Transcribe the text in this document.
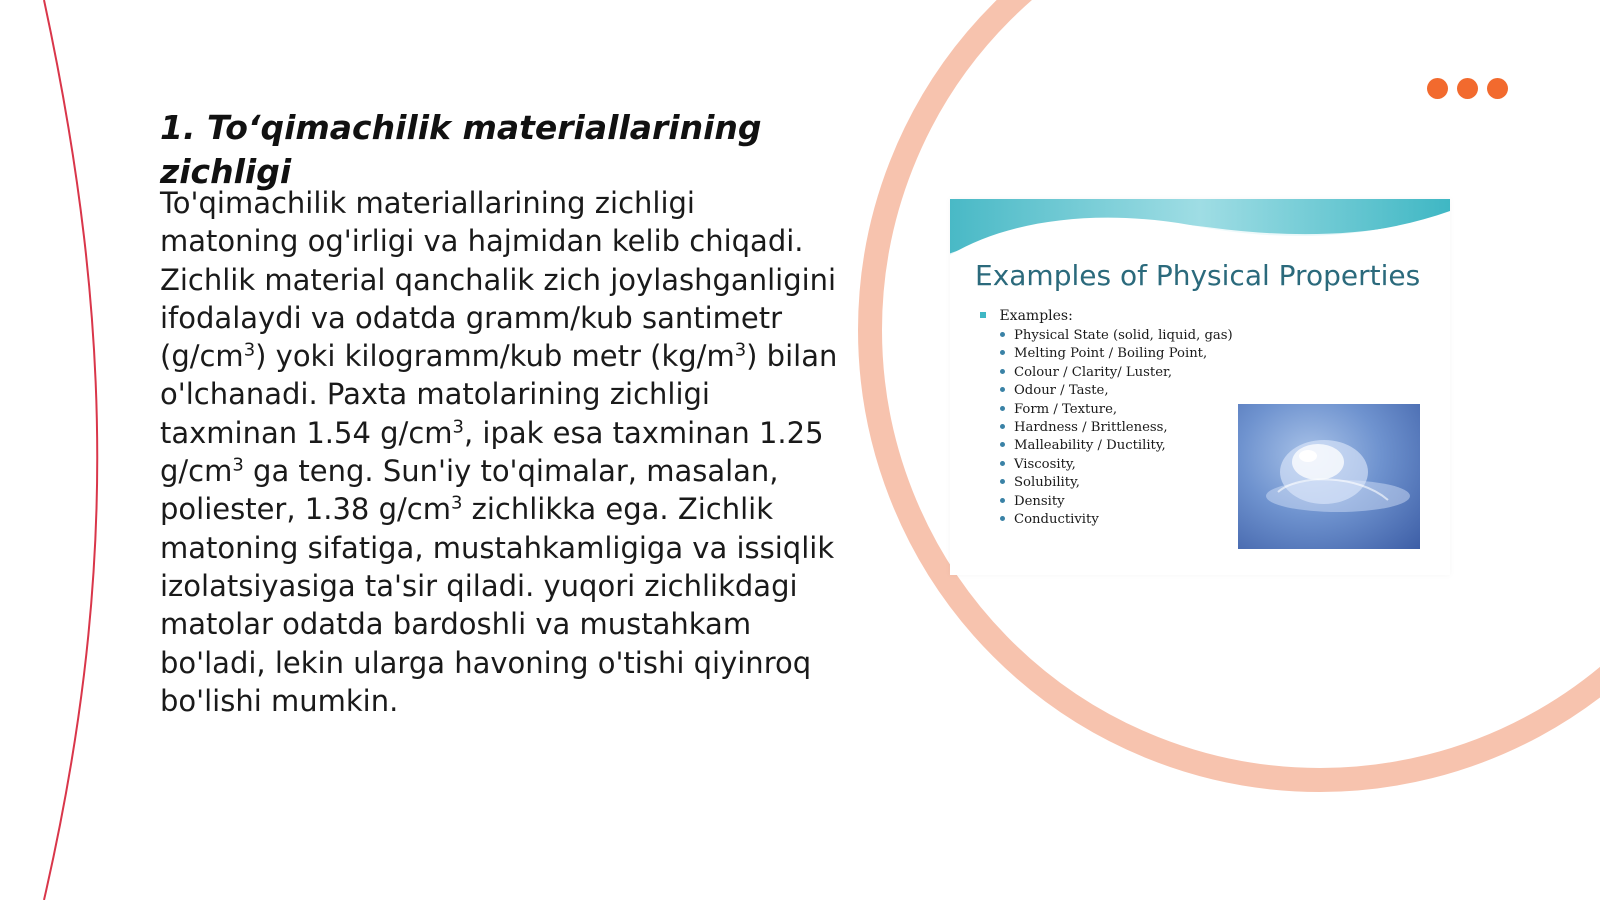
1. To‘qimachilik materiallarining zichligi

To'qimachilik materiallarining zichligi matoning og'irligi va hajmidan kelib chiqadi. Zichlik material qanchalik zich joylashganligini ifodalaydi va odatda gramm/kub santimetr $(g/cm^3)$ yoki kilogramm/kub metr $(kg/m^3)$ bilan o'lchanadi. Paxta matolarining zichligi taxminan 1.54 $g/cm^3$, ipak esa taxminan 1.25 $g/cm^3$ ga teng. Sun'iy to'qimalar, masalan, poliester, 1.38 $g/cm^3$ zichlikka ega. Zichlik matoning sifatiga, mustahkamligiga va issiqlik izolatsiyasiga ta'sir qiladi. yuqori zichlikdagi matolar odatda bardoshli va mustahkam bo'ladi, lekin ularga havoning o'tishi qiyinroq bo'lishi mumkin.

Examples of Physical Properties
Examples:
Physical State (solid, liquid, gas)
Melting Point / Boiling Point,
Colour / Clarity/ Luster,
Odour / Taste,
Form / Texture,
Hardness / Brittleness,
Malleability / Ductility,
Viscosity,
Solubility,
Density
Conductivity
